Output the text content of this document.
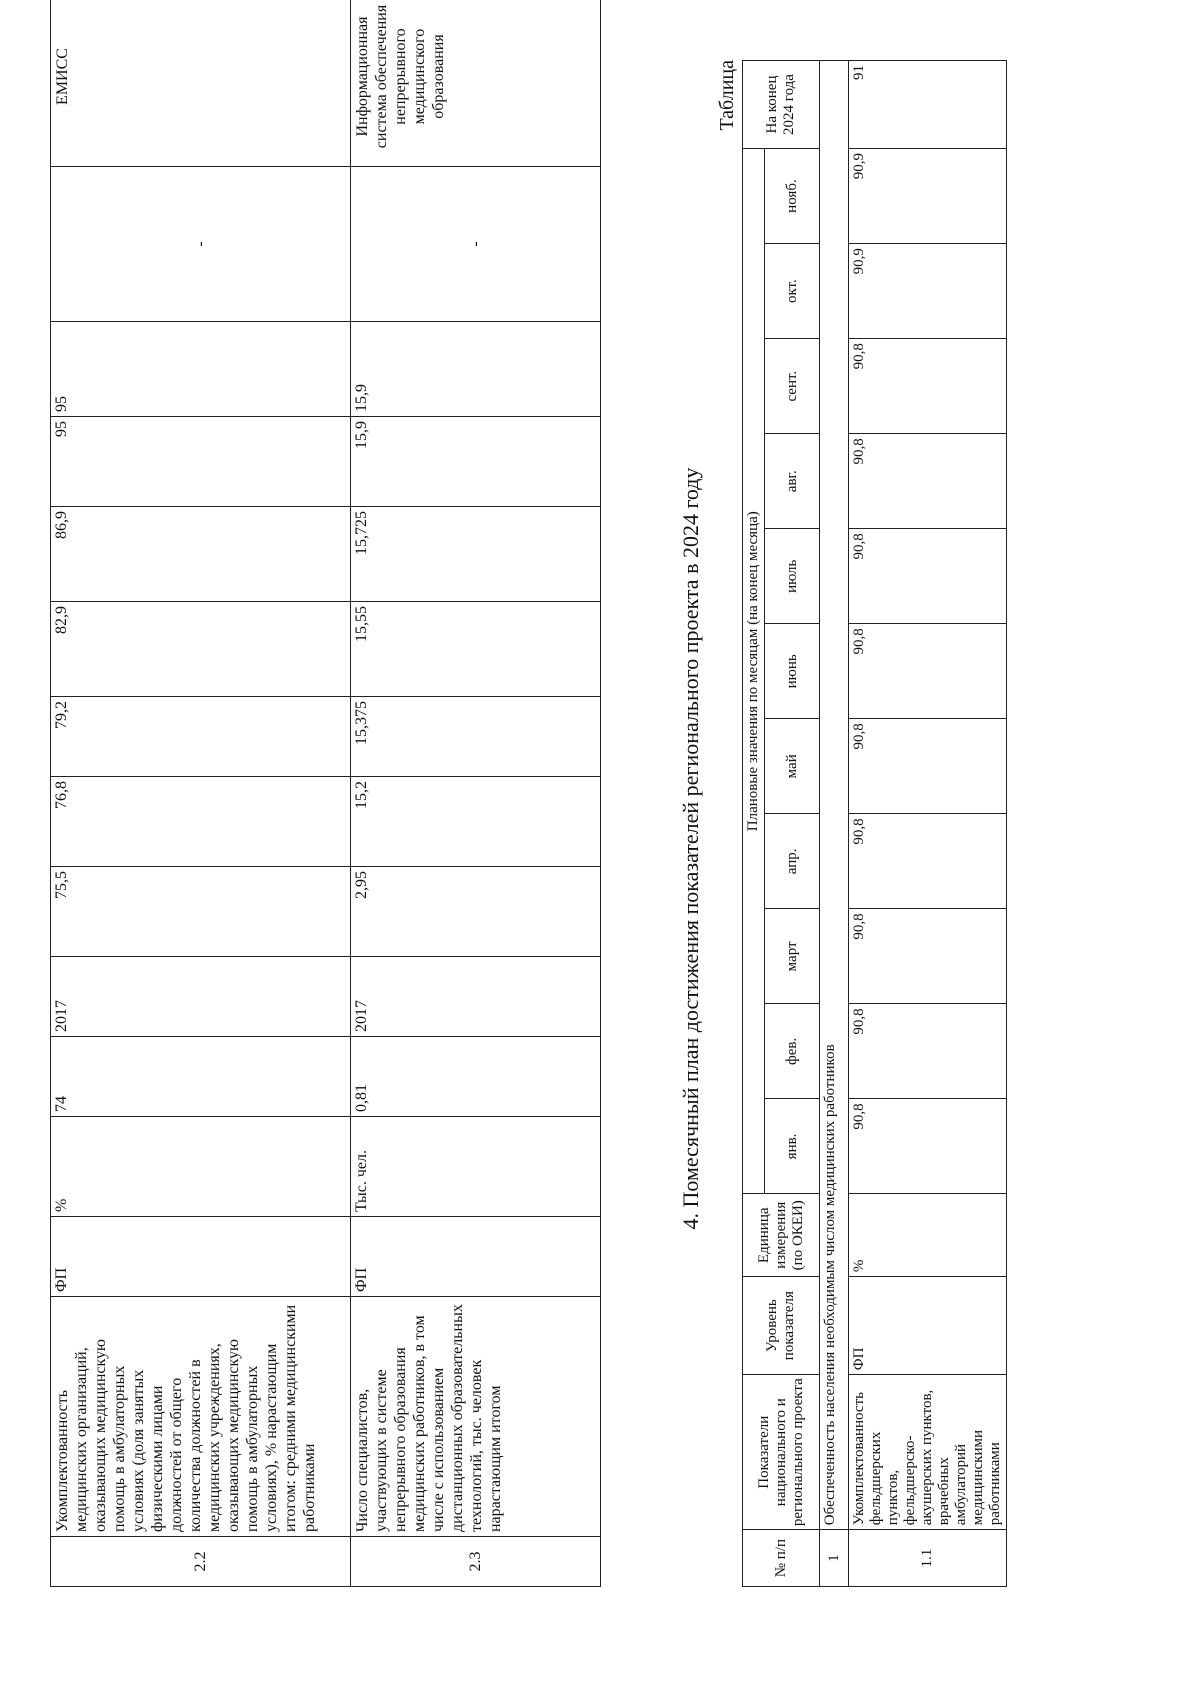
2.2	Укомплектованность медицинских организаций, оказывающих медицинскую помощь в амбулаторных условиях (доля занятых физическими лицами должностей от общего количества должностей в медицинских учреждениях, оказывающих медицинскую помощь в амбулаторных условиях), % нарастающим итогом: средними медицинскими работниками	ФП	%	74	2017	75,5	76,8	79,2	82,9	86,9	95	95	-	ЕМИСС
2.3	Число специалистов, участвующих в системе непрерывного образования медицинских работников, в том числе с использованием дистанционных образовательных технологий, тыс. человек нарастающим итогом	ФП	Тыс. чел.	0,81	2017	2,95	15,2	15,375	15,55	15,725	15,9	15,9	-	Информационная система обеспечения непрерывного медицинского образования
4. Помесячный план достижения показателей регионального проекта в 2024 году
Таблица
№ п/п	Показатели национального и регионального проекта	Уровень показателя	Единица измерения (по ОКЕИ)	Плановые значения по месяцам (на конец месяца)											На конец 2024 года
				янв.	фев.	март	апр.	май	июнь	июль	авг.	сент.	окт.	нояб.	
1	Обеспеченность населения необходимым числом медицинских работников														
1.1	Укомплектованность фельдшерских пунктов, фельдшерско-акушерских пунктов, врачебных амбулаторий медицинскими работниками	ФП	%	90,8	90,8	90,8	90,8	90,8	90,8	90,8	90,8	90,8	90,9	90,9	91
